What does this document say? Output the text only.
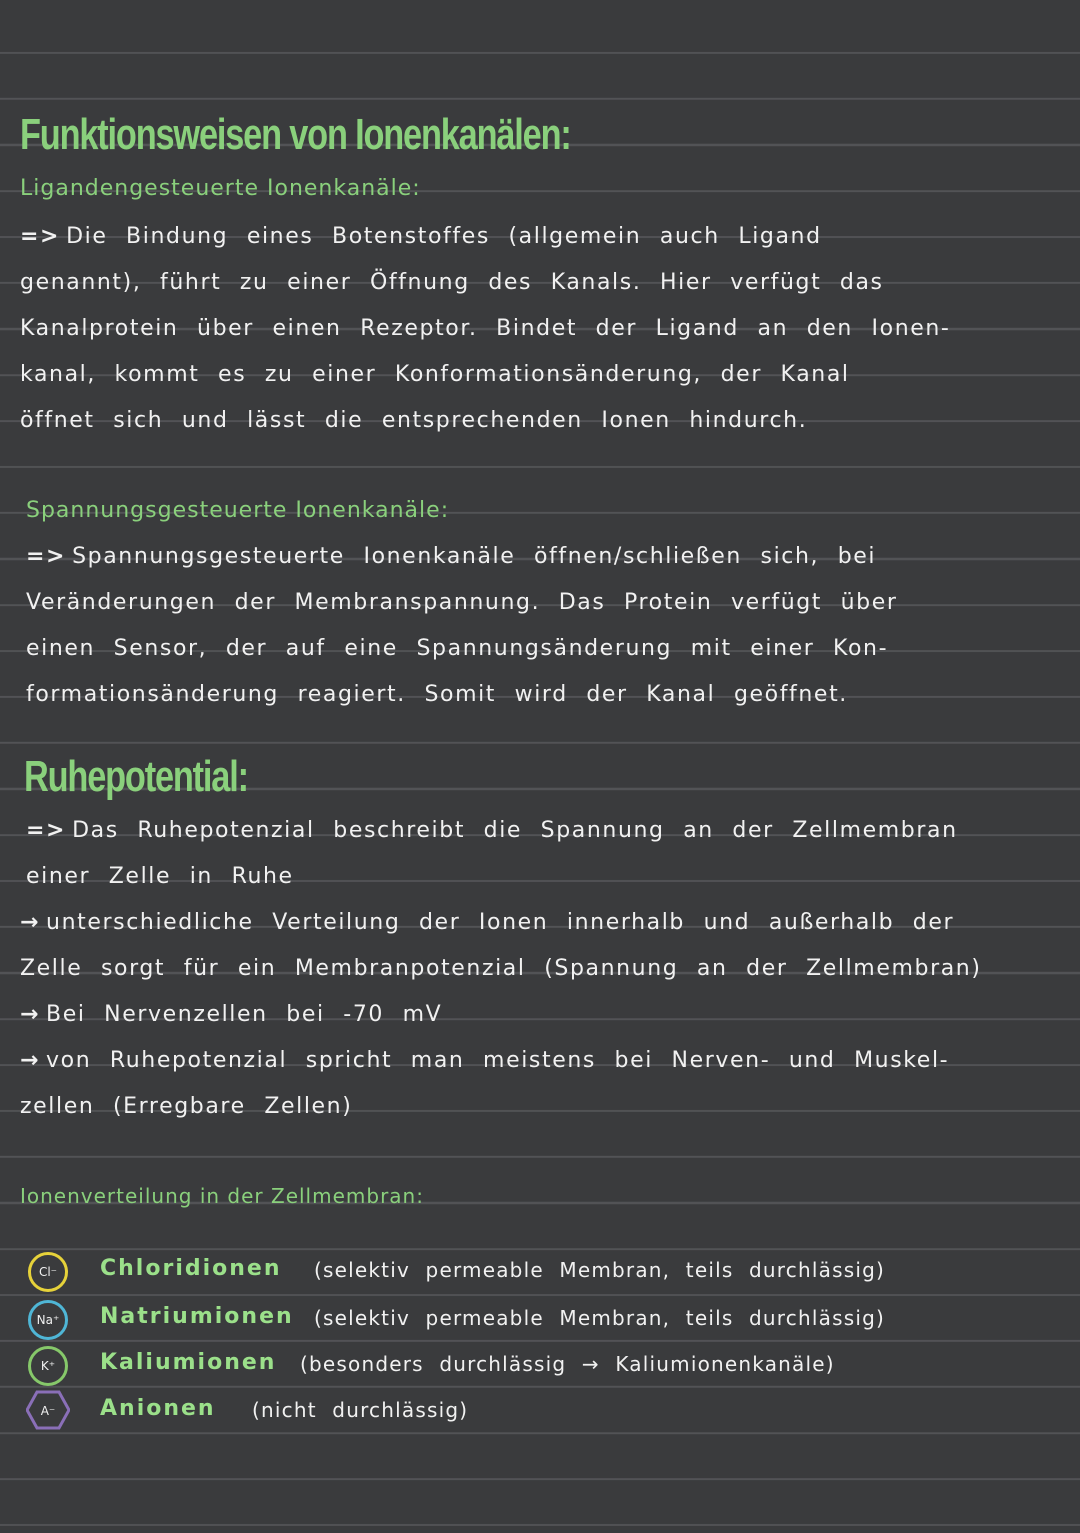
Funktionsweisen von Ionenkanälen:
Ligandengesteuerte Ionenkanäle:
=> Die Bindung eines Botenstoffes (allgemein auch Ligand
genannt), führt zu einer Öffnung des Kanals. Hier verfügt das
Kanalprotein über einen Rezeptor. Bindet der Ligand an den Ionen-
kanal, kommt es zu einer Konformationsänderung, der Kanal
öffnet sich und lässt die entsprechenden Ionen hindurch.
Spannungsgesteuerte Ionenkanäle:
=> Spannungsgesteuerte Ionenkanäle öffnen/schließen sich, bei
Veränderungen der Membranspannung. Das Protein verfügt über
einen Sensor, der auf eine Spannungsänderung mit einer Kon-
formationsänderung reagiert. Somit wird der Kanal geöffnet.
Ruhepotential:
=> Das Ruhepotenzial beschreibt die Spannung an der Zellmembran
einer Zelle in Ruhe
→ unterschiedliche Verteilung der Ionen innerhalb und außerhalb der
Zelle sorgt für ein Membranpotenzial (Spannung an der Zellmembran)
→ Bei Nervenzellen bei -70 mV
→ von Ruhepotenzial spricht man meistens bei Nerven- und Muskel-
zellen (Erregbare Zellen)
Ionenverteilung in der Zellmembran:
Cl⁻	Chloridionen (selektiv permeable Membran, teils durchlässig)
Na⁺	Natriumionen (selektiv permeable Membran, teils durchlässig)
K⁺	Kaliumionen (besonders durchlässig → Kaliumionenkanäle)
A⁻ Anionen (nicht durchlässig)
